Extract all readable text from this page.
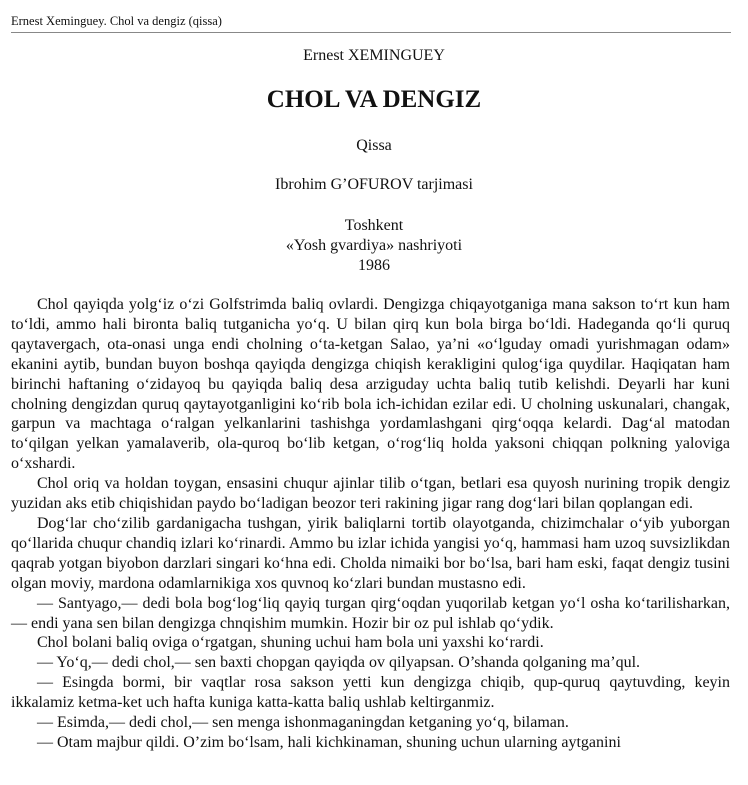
Ernest Xeminguey. Chol va dengiz (qissa)
Ernest XEMINGUEY
CHOL VA DENGIZ
Qissa
Ibrohim G’OFUROV tarjimasi
Toshkent
«Yosh gvardiya» nashriyoti
1986

Chol qayiqda yolg‘iz o‘zi Golfstrimda baliq ovlardi. Dengizga chiqayotganiga mana sakson to‘rt kun ham to‘ldi, ammo hali bironta baliq tutganicha yo‘q. U bilan qirq kun bola birga bo‘ldi. Hadeganda qo‘li quruq qaytavergach, ota-onasi unga endi cholning o‘ta-ketgan Salao, ya’ni «o‘lguday omadi yurishmagan odam» ekanini aytib, bundan buyon boshqa qayiqda dengizga chiqish kerakligini qulog‘iga quydilar. Haqiqatan ham birinchi haftaning o‘zidayoq bu qayiqda baliq desa arziguday uchta baliq tutib kelishdi. Deyarli har kuni cholning dengizdan quruq qaytayotganligini ko‘rib bola ich-ichidan ezilar edi. U cholning uskunalari, changak, garpun va machtaga o‘ralgan yelkanlarini tashishga yordamlashgani qirg‘oqqa kelardi. Dag‘al matodan to‘qilgan yelkan yamalaverib, ola-quroq bo‘lib ketgan, o‘rog‘liq holda yaksoni chiqqan polkning yaloviga o‘xshardi.

Chol oriq va holdan toygan, ensasini chuqur ajinlar tilib o‘tgan, betlari esa quyosh nurining tropik dengiz yuzidan aks etib chiqishidan paydo bo‘ladigan beozor teri rakining jigar rang dog‘lari bilan qoplangan edi.

Dog‘lar cho‘zilib gardanigacha tushgan, yirik baliqlarni tortib olayotganda, chizimchalar o‘yib yuborgan qo‘llarida chuqur chandiq izlari ko‘rinardi. Ammo bu izlar ichida yangisi yo‘q, hammasi ham uzoq suvsizlikdan qaqrab yotgan biyobon darzlari singari ko‘hna edi. Cholda nimaiki bor bo‘lsa, bari ham eski, faqat dengiz tusini olgan moviy, mardona odamlarnikiga xos quvnoq ko‘zlari bundan mustasno edi.

— Santyago,— dedi bola bog‘log‘liq qayiq turgan qirg‘oqdan yuqorilab ketgan yo‘l osha ko‘tarilisharkan,— endi yana sen bilan dengizga chnqishim mumkin. Hozir bir oz pul ishlab qo‘ydik.

Chol bolani baliq oviga o‘rgatgan, shuning uchui ham bola uni yaxshi ko‘rardi.

— Yo‘q,— dedi chol,— sen baxti chopgan qayiqda ov qilyapsan. O’shanda qolganing ma’qul.

— Esingda bormi, bir vaqtlar rosa sakson yetti kun dengizga chiqib, qup-quruq qaytuvding, keyin ikkalamiz ketma-ket uch hafta kuniga katta-katta baliq ushlab keltirganmiz.

— Esimda,— dedi chol,— sen menga ishonmaganingdan ketganing yo‘q, bilaman.

— Otam majbur qildi. O’zim bo‘lsam, hali kichkinaman, shuning uchun ularning aytganini
